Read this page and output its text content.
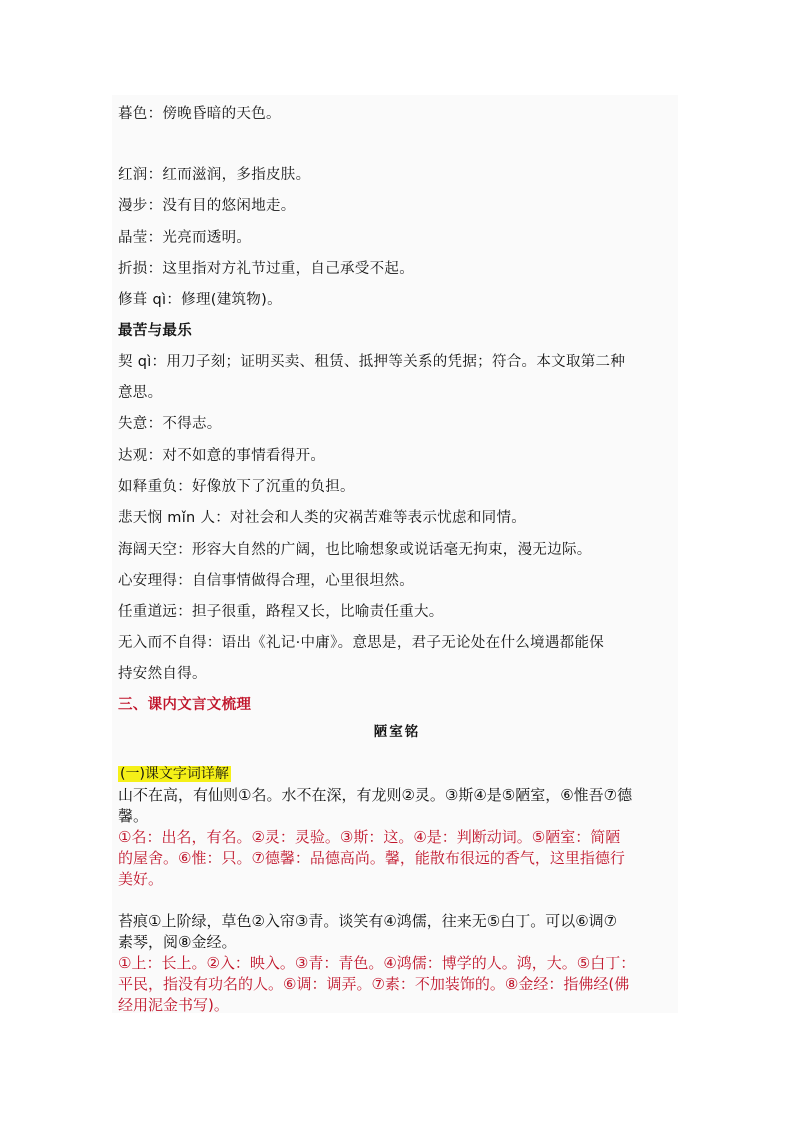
暮色：傍晚昏暗的天色。
红润：红而滋润，多指皮肤。
漫步：没有目的悠闲地走。
晶莹：光亮而透明。
折损：这里指对方礼节过重，自己承受不起。
修葺 qì：修理(建筑物)。
最苦与最乐
契 qì：用刀子刻；证明买卖、租赁、抵押等关系的凭据；符合。本文取第二种
意思。
失意：不得志。
达观：对不如意的事情看得开。
如释重负：好像放下了沉重的负担。
悲天悯 mǐn 人：对社会和人类的灾祸苦难等表示忧虑和同情。
海阔天空：形容大自然的广阔，也比喻想象或说话毫无拘束，漫无边际。
心安理得：自信事情做得合理，心里很坦然。
任重道远：担子很重，路程又长，比喻责任重大。
无入而不自得：语出《礼记·中庸》。意思是，君子无论处在什么境遇都能保
持安然自得。
三、课内文言文梳理
陋室铭
(一)课文字词详解
山不在高，有仙则①名。水不在深，有龙则②灵。③斯④是⑤陋室，⑥惟吾⑦德
馨。
①名：出名，有名。②灵：灵验。③斯：这。④是：判断动词。⑤陋室：简陋
的屋舍。⑥惟：只。⑦德馨：品德高尚。馨，能散布很远的香气，这里指德行
美好。
苔痕①上阶绿，草色②入帘③青。谈笑有④鸿儒，往来无⑤白丁。可以⑥调⑦
素琴，阅⑧金经。
①上：长上。②入：映入。③青：青色。④鸿儒：博学的人。鸿，大。⑤白丁：
平民，指没有功名的人。⑥调：调弄。⑦素：不加装饰的。⑧金经：指佛经(佛
经用泥金书写)。
